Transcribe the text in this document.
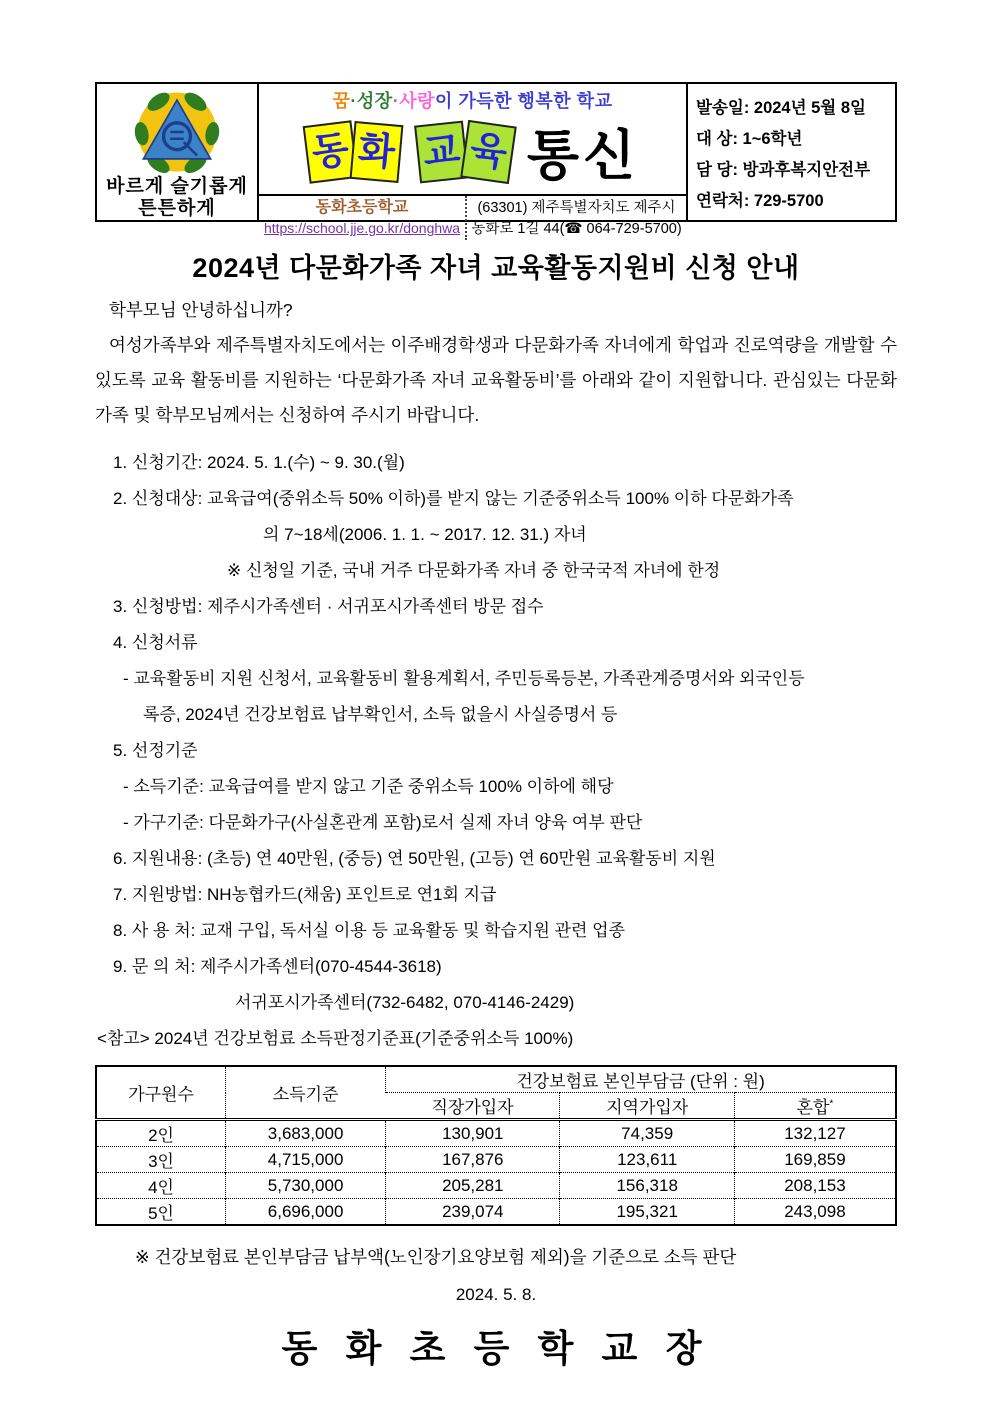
바르게 슬기롭게
튼튼하게
꿈·성장·사랑이 가득한 행복한 학교
동 화 교 육 통신
동화초등학교
https://school.jje.go.kr/donghwa
(63301) 제주특별자치도 제주시
동화로 1길 44(☎ 064-729-5700)
발송일: 2024년 5월 8일
대 상: 1~6학년
담 당: 방과후복지안전부
연락처: 729-5700
2024년 다문화가족 자녀 교육활동지원비 신청 안내
학부모님 안녕하십니까?
여성가족부와 제주특별자치도에서는 이주배경학생과 다문화가족 자녀에게 학업과 진로역량을 개발할 수 있도록 교육 활동비를 지원하는 ‘다문화가족 자녀 교육활동비’를 아래와 같이 지원합니다. 관심있는 다문화가족 및 학부모님께서는 신청하여 주시기 바랍니다.
1. 신청기간: 2024. 5. 1.(수) ~ 9. 30.(월)
2. 신청대상: 교육급여(중위소득 50% 이하)를 받지 않는 기준중위소득 100% 이하 다문화가족
의 7~18세(2006. 1. 1. ~ 2017. 12. 31.) 자녀
※ 신청일 기준, 국내 거주 다문화가족 자녀 중 한국국적 자녀에 한정
3. 신청방법: 제주시가족센터 · 서귀포시가족센터 방문 접수
4. 신청서류
- 교육활동비 지원 신청서, 교육활동비 활용계획서, 주민등록등본, 가족관계증명서와 외국인등
록증, 2024년 건강보험료 납부확인서, 소득 없을시 사실증명서 등
5. 선정기준
- 소득기준: 교육급여를 받지 않고 기준 중위소득 100% 이하에 해당
- 가구기준: 다문화가구(사실혼관계 포함)로서 실제 자녀 양육 여부 판단
6. 지원내용: (초등) 연 40만원, (중등) 연 50만원, (고등) 연 60만원 교육활동비 지원
7. 지원방법: NH농협카드(채움) 포인트로 연1회 지급
8. 사 용 처: 교재 구입, 독서실 이용 등 교육활동 및 학습지원 관련 업종
9. 문 의 처: 제주시가족센터(070-4544-3618)
서귀포시가족센터(732-6482, 070-4146-2429)
<참고> 2024년 건강보험료 소득판정기준표(기준중위소득 100%)
가구원수	소득기준	건강보험료 본인부담금 (단위 : 원)		
		직장가입자	지역가입자	혼합*
2인	3,683,000	130,901	74,359	132,127
3인	4,715,000	167,876	123,611	169,859
4인	5,730,000	205,281	156,318	208,153
5인	6,696,000	239,074	195,321	243,098
※ 건강보험료 본인부담금 납부액(노인장기요양보험 제외)을 기준으로 소득 판단
2024. 5. 8.
동 화 초 등 학 교 장
